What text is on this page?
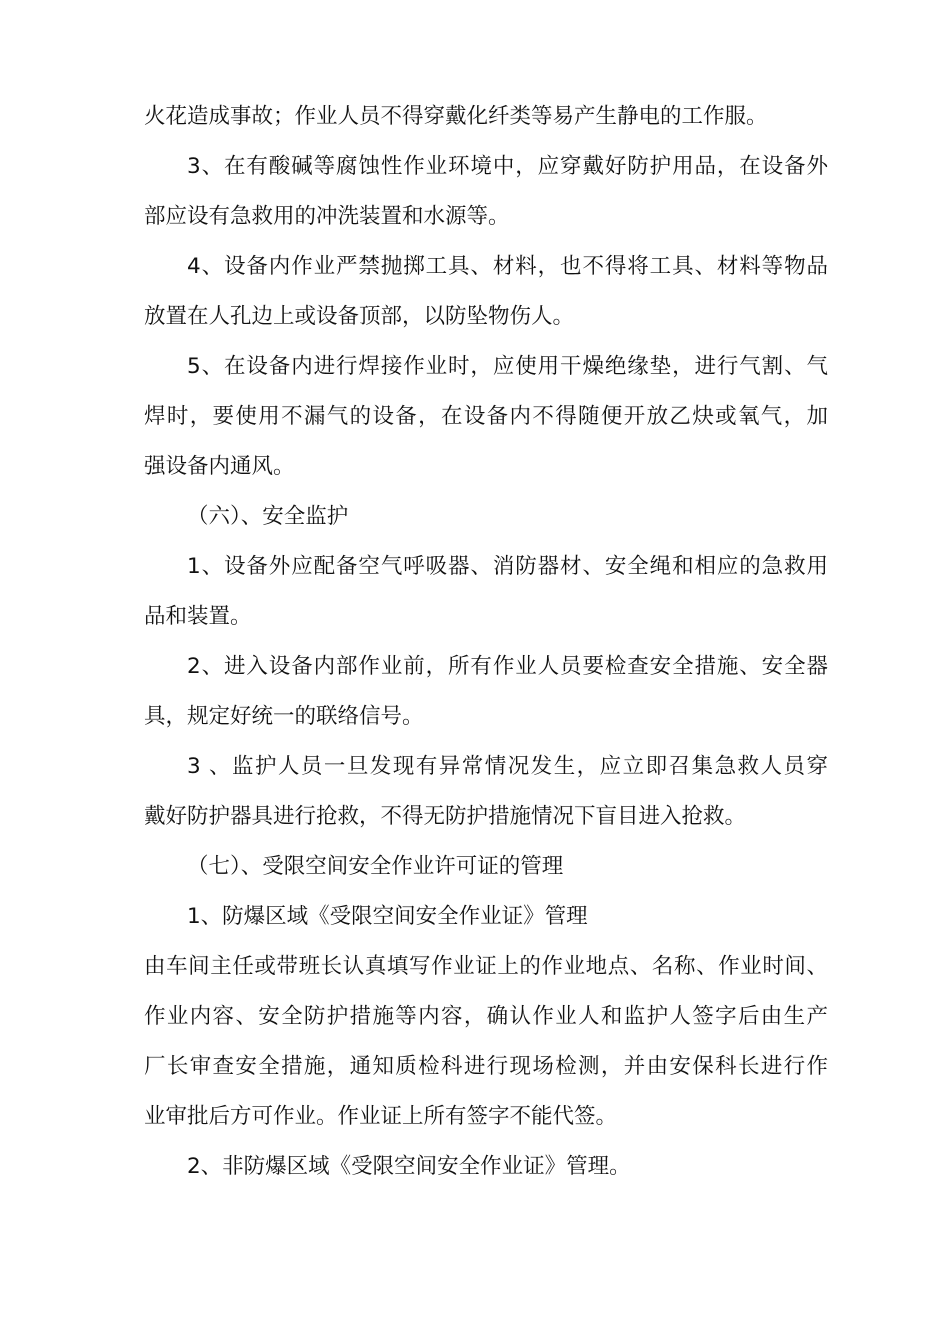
火花造成事故；作业人员不得穿戴化纤类等易产生静电的工作服。
3、在有酸碱等腐蚀性作业环境中，应穿戴好防护用品，在设备外
部应设有急救用的冲洗装置和水源等。
4、设备内作业严禁抛掷工具、材料，也不得将工具、材料等物品
放置在人孔边上或设备顶部，以防坠物伤人。
5、在设备内进行焊接作业时，应使用干燥绝缘垫，进行气割、气
焊时，要使用不漏气的设备，在设备内不得随便开放乙炔或氧气，加
强设备内通风。
（六）、安全监护
1、设备外应配备空气呼吸器、消防器材、安全绳和相应的急救用
品和装置。
2、进入设备内部作业前，所有作业人员要检查安全措施、安全器
具，规定好统一的联络信号。
3 、监护人员一旦发现有异常情况发生，应立即召集急救人员穿
戴好防护器具进行抢救，不得无防护措施情况下盲目进入抢救。
（七）、受限空间安全作业许可证的管理
1、防爆区域《受限空间安全作业证》管理
由车间主任或带班长认真填写作业证上的作业地点、名称、作业时间、
作业内容、安全防护措施等内容，确认作业人和监护人签字后由生产
厂长审查安全措施，通知质检科进行现场检测，并由安保科长进行作
业审批后方可作业。作业证上所有签字不能代签。
2、非防爆区域《受限空间安全作业证》管理。
